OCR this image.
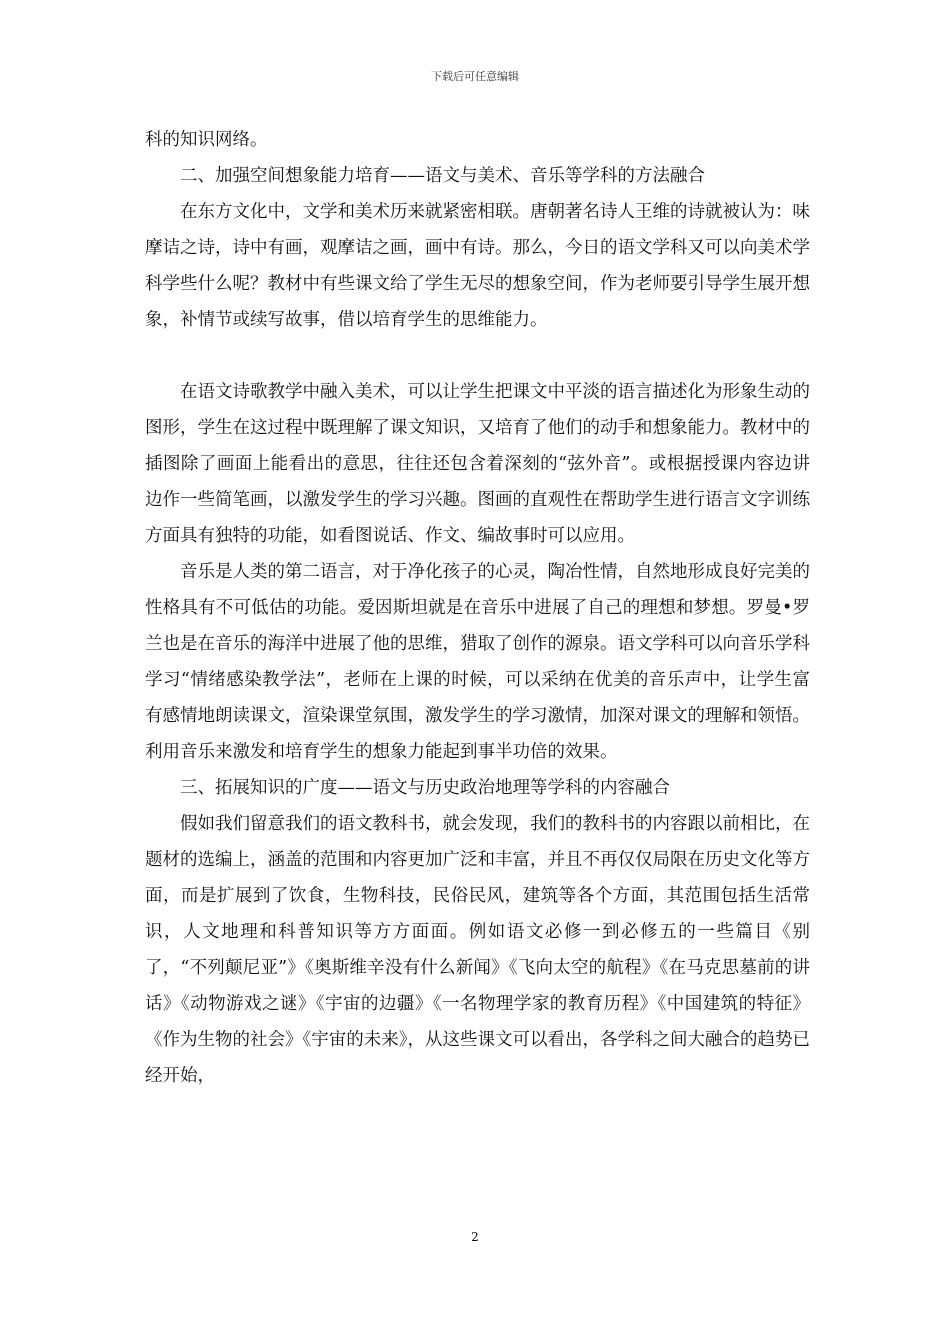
下载后可任意编辑

科的知识网络。

二、加强空间想象能力培育——语文与美术、音乐等学科的方法融合

在东方文化中，文学和美术历来就紧密相联。唐朝著名诗人王维的诗就被认为：味摩诘之诗，诗中有画，观摩诘之画，画中有诗。那么，今日的语文学科又可以向美术学科学些什么呢？教材中有些课文给了学生无尽的想象空间，作为老师要引导学生展开想象，补情节或续写故事，借以培育学生的思维能力。

在语文诗歌教学中融入美术，可以让学生把课文中平淡的语言描述化为形象生动的图形，学生在这过程中既理解了课文知识，又培育了他们的动手和想象能力。教材中的插图除了画面上能看出的意思，往往还包含着深刻的“弦外音”。或根据授课内容边讲边作一些简笔画，以激发学生的学习兴趣。图画的直观性在帮助学生进行语言文字训练方面具有独特的功能，如看图说话、作文、编故事时可以应用。

音乐是人类的第二语言，对于净化孩子的心灵，陶冶性情，自然地形成良好完美的性格具有不可低估的功能。爱因斯坦就是在音乐中进展了自己的理想和梦想。罗曼•罗兰也是在音乐的海洋中进展了他的思维，猎取了创作的源泉。语文学科可以向音乐学科学习“情绪感染教学法”，老师在上课的时候，可以采纳在优美的音乐声中，让学生富有感情地朗读课文，渲染课堂氛围，激发学生的学习激情，加深对课文的理解和领悟。利用音乐来激发和培育学生的想象力能起到事半功倍的效果。

三、拓展知识的广度——语文与历史政治地理等学科的内容融合

假如我们留意我们的语文教科书，就会发现，我们的教科书的内容跟以前相比，在题材的选编上，涵盖的范围和内容更加广泛和丰富，并且不再仅仅局限在历史文化等方面，而是扩展到了饮食，生物科技，民俗民风，建筑等各个方面，其范围包括生活常识，人文地理和科普知识等方方面面。例如语文必修一到必修五的一些篇目《别了，“不列颠尼亚”》《奥斯维辛没有什么新闻》《飞向太空的航程》《在马克思墓前的讲话》《动物游戏之谜》《宇宙的边疆》《一名物理学家的教育历程》《中国建筑的特征》《作为生物的社会》《宇宙的未来》，从这些课文可以看出，各学科之间大融合的趋势已经开始，

2
